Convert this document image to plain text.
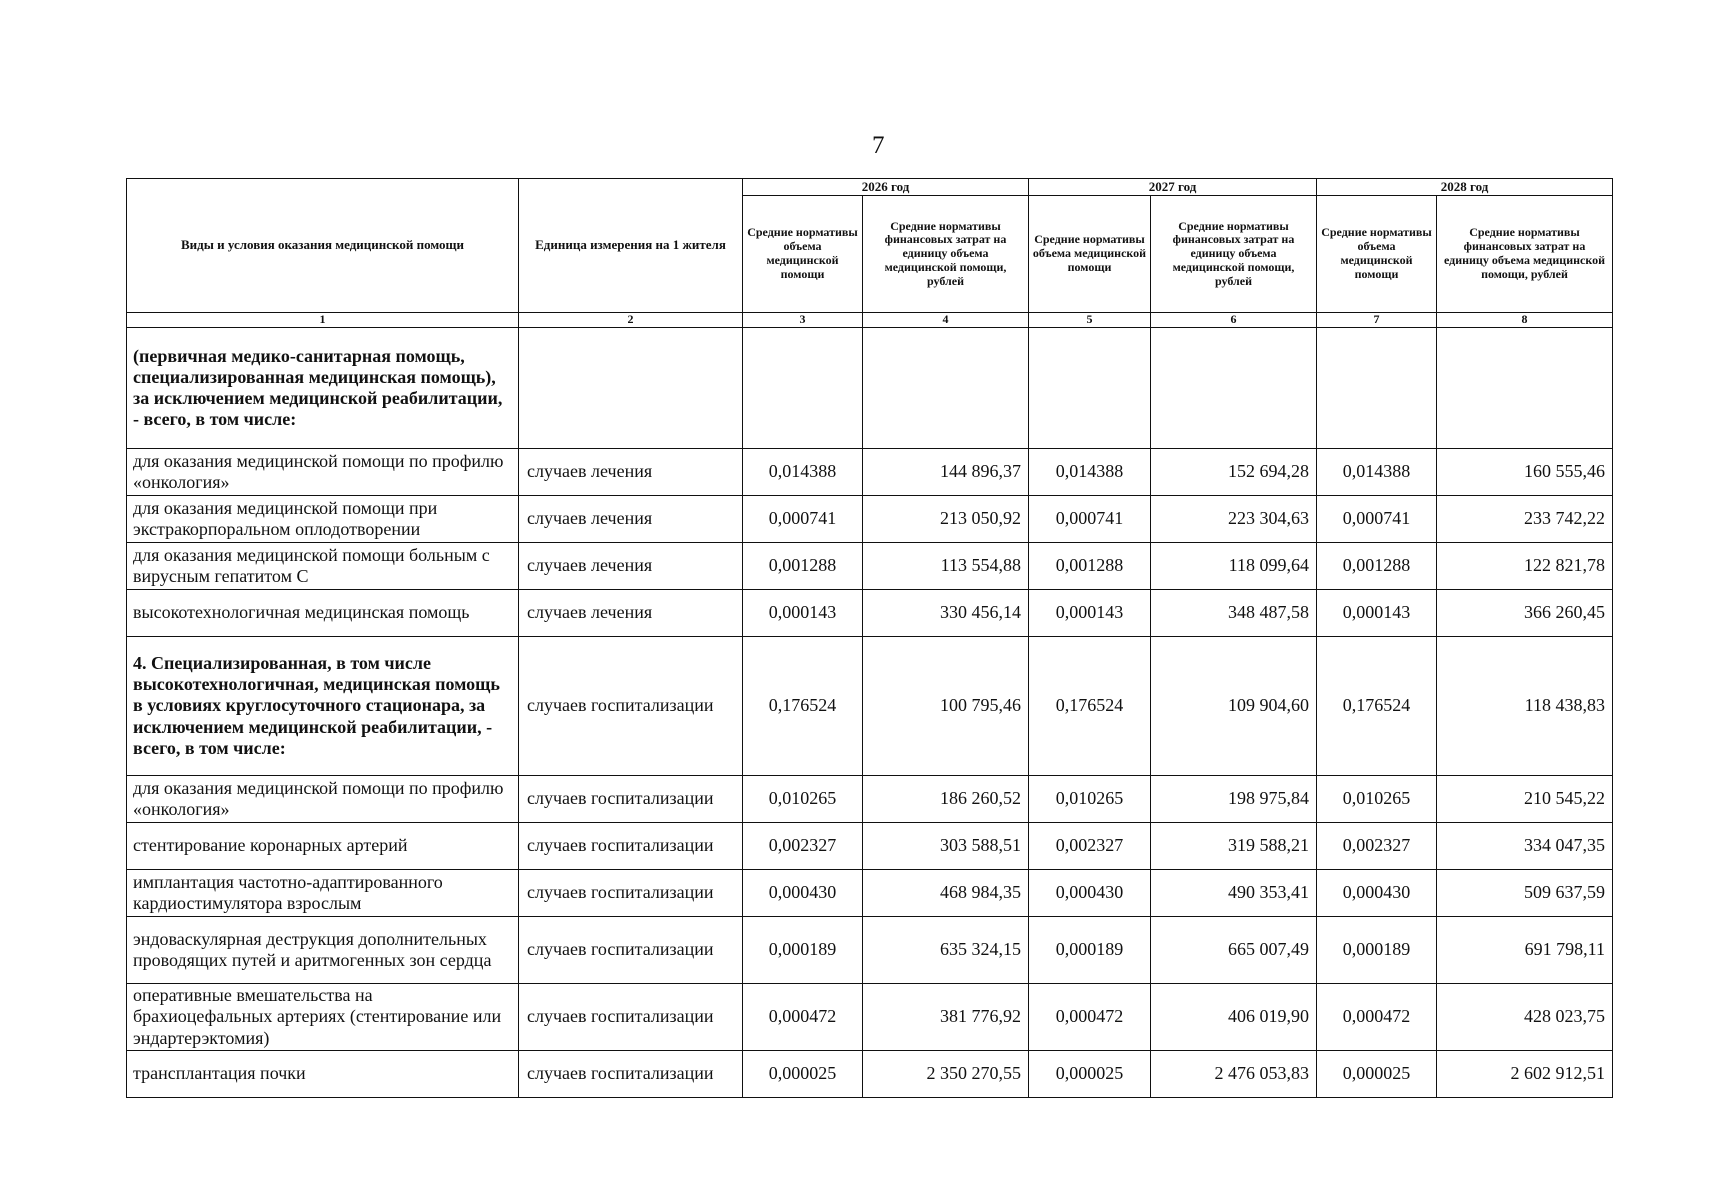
7
Виды и условия оказания медицинской помощи	Единица измерения на 1 жителя	2026 год		2027 год		2028 год	
		Средние нормативы объема медицинской помощи	Средние нормативы финансовых затрат на единицу объема медицинской помощи, рублей	Средние нормативы объема медицинской помощи	Средние нормативы финансовых затрат на единицу объема медицинской помощи, рублей	Средние нормативы объема медицинской помощи	Средние нормативы финансовых затрат на единицу объема медицинской помощи, рублей
1	2	3	4	5	6	7	8
(первичная медико-санитарная помощь, специализированная медицинская помощь), за исключением медицинской реабилитации, - всего, в том числе:							
для оказания медицинской помощи по профилю «онкология»	случаев лечения	0,014388	144 896,37	0,014388	152 694,28	0,014388	160 555,46
для оказания медицинской помощи при экстракорпоральном оплодотворении	случаев лечения	0,000741	213 050,92	0,000741	223 304,63	0,000741	233 742,22
для оказания медицинской помощи больным с вирусным гепатитом С	случаев лечения	0,001288	113 554,88	0,001288	118 099,64	0,001288	122 821,78
высокотехнологичная медицинская помощь	случаев лечения	0,000143	330 456,14	0,000143	348 487,58	0,000143	366 260,45
4. Специализированная, в том числе высокотехнологичная, медицинская помощь в условиях круглосуточного стационара, за исключением медицинской реабилитации, - всего, в том числе:	случаев госпитализации	0,176524	100 795,46	0,176524	109 904,60	0,176524	118 438,83
для оказания медицинской помощи по профилю «онкология»	случаев госпитализации	0,010265	186 260,52	0,010265	198 975,84	0,010265	210 545,22
стентирование коронарных артерий	случаев госпитализации	0,002327	303 588,51	0,002327	319 588,21	0,002327	334 047,35
имплантация частотно-адаптированного кардиостимулятора взрослым	случаев госпитализации	0,000430	468 984,35	0,000430	490 353,41	0,000430	509 637,59
эндоваскулярная деструкция дополнительных проводящих путей и аритмогенных зон сердца	случаев госпитализации	0,000189	635 324,15	0,000189	665 007,49	0,000189	691 798,11
оперативные вмешательства на брахиоцефальных артериях (стентирование или эндартерэктомия)	случаев госпитализации	0,000472	381 776,92	0,000472	406 019,90	0,000472	428 023,75
трансплантация почки	случаев госпитализации	0,000025	2 350 270,55	0,000025	2 476 053,83	0,000025	2 602 912,51
